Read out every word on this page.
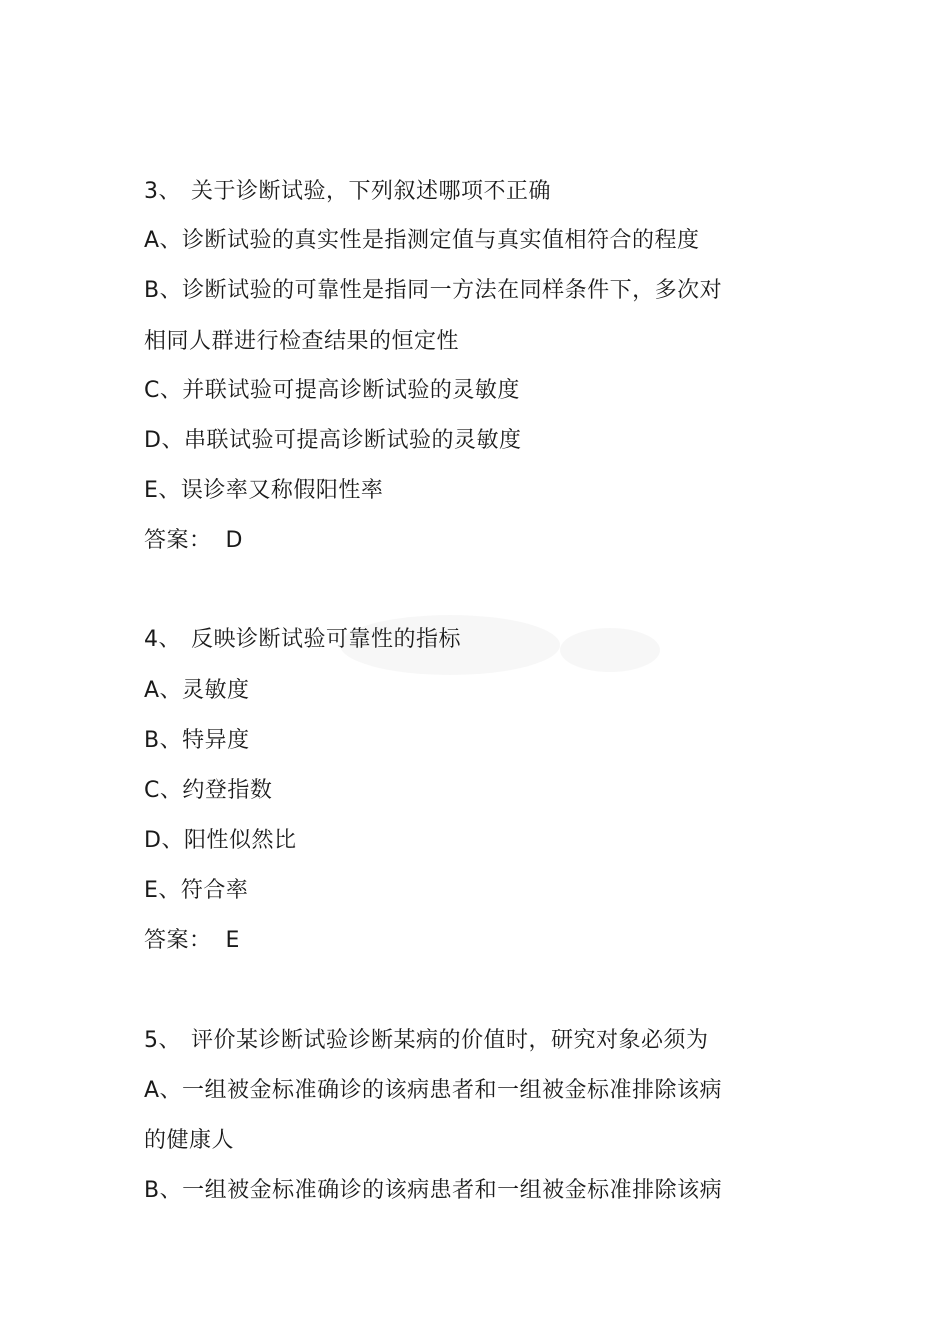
3、 关于诊断试验，下列叙述哪项不正确
A、诊断试验的真实性是指测定值与真实值相符合的程度
B、诊断试验的可靠性是指同一方法在同样条件下，多次对
相同人群进行检查结果的恒定性
C、并联试验可提高诊断试验的灵敏度
D、串联试验可提高诊断试验的灵敏度
E、误诊率又称假阳性率
答案： D
4、 反映诊断试验可靠性的指标
A、灵敏度
B、特异度
C、约登指数
D、阳性似然比
E、符合率
答案： E
5、 评价某诊断试验诊断某病的价值时，研究对象必须为
A、一组被金标准确诊的该病患者和一组被金标准排除该病
的健康人
B、一组被金标准确诊的该病患者和一组被金标准排除该病
